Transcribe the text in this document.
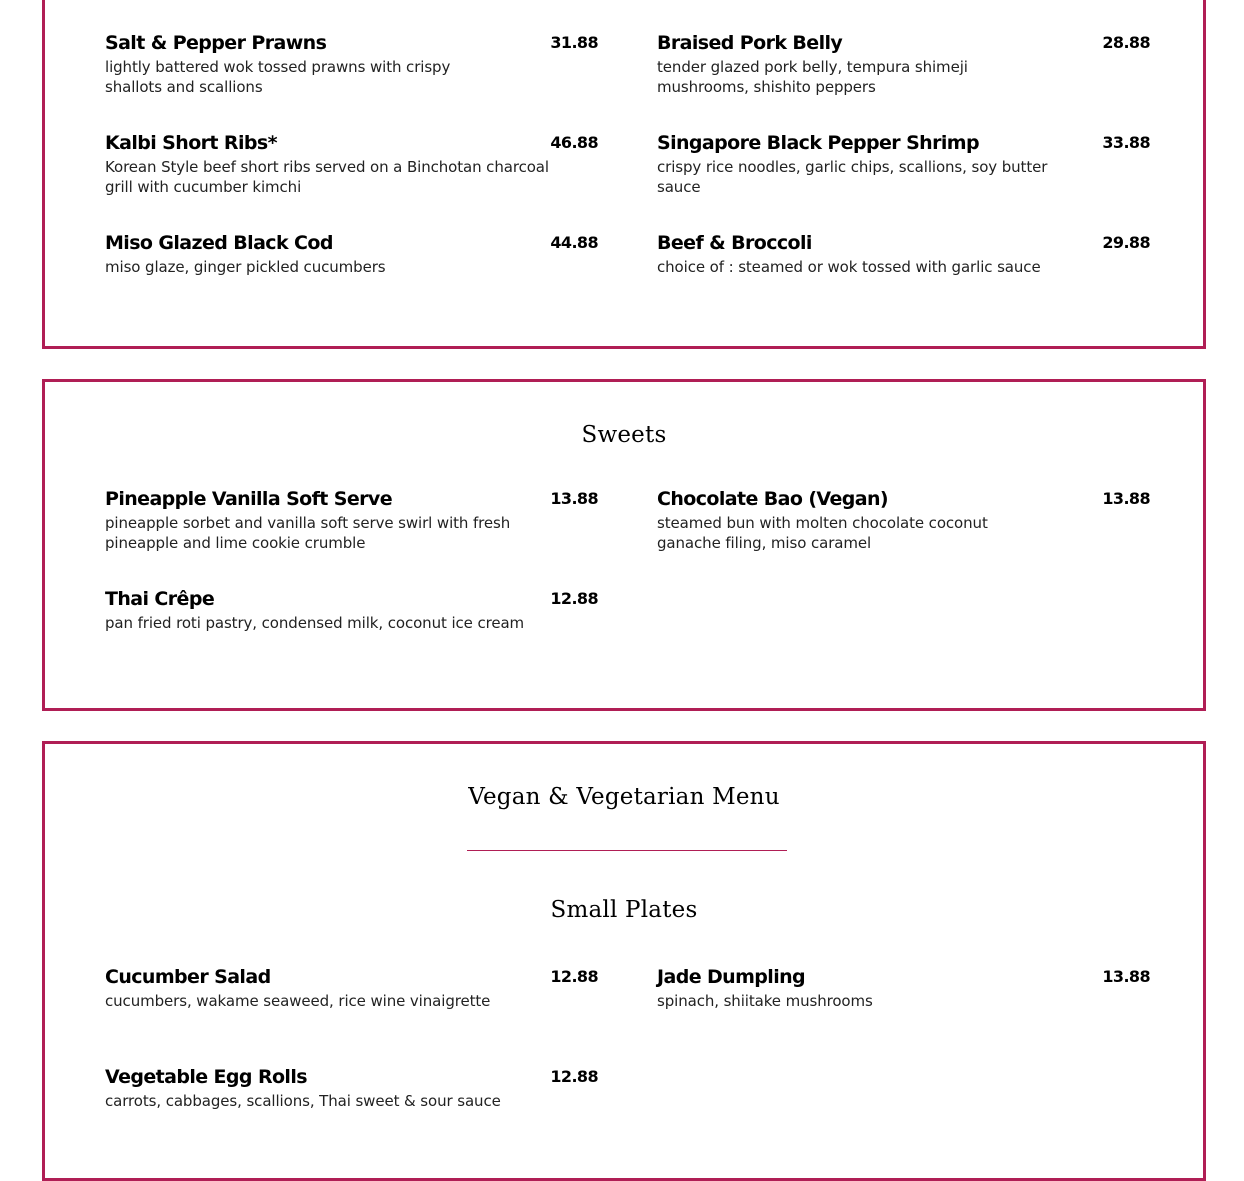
Salt & Pepper Prawns	31.88
lightly battered wok tossed prawns with crispy shallots and scallions
Braised Pork Belly	28.88
tender glazed pork belly, tempura shimeji mushrooms, shishito peppers
Kalbi Short Ribs*	46.88
Korean Style beef short ribs served on a Binchotan charcoal grill with cucumber kimchi
Singapore Black Pepper Shrimp	33.88
crispy rice noodles, garlic chips, scallions, soy butter sauce
Miso Glazed Black Cod	44.88
miso glaze, ginger pickled cucumbers
Beef & Broccoli	29.88
choice of : steamed or wok tossed with garlic sauce
Sweets
Pineapple Vanilla Soft Serve	13.88
pineapple sorbet and vanilla soft serve swirl with fresh pineapple and lime cookie crumble
Chocolate Bao (Vegan)	13.88
steamed bun with molten chocolate coconut ganache filing, miso caramel
Thai Crêpe	12.88
pan fried roti pastry, condensed milk, coconut ice cream
Vegan & Vegetarian Menu
Small Plates
Cucumber Salad	12.88
cucumbers, wakame seaweed, rice wine vinaigrette
Jade Dumpling	13.88
spinach, shiitake mushrooms
Vegetable Egg Rolls	12.88
carrots, cabbages, scallions, Thai sweet & sour sauce
